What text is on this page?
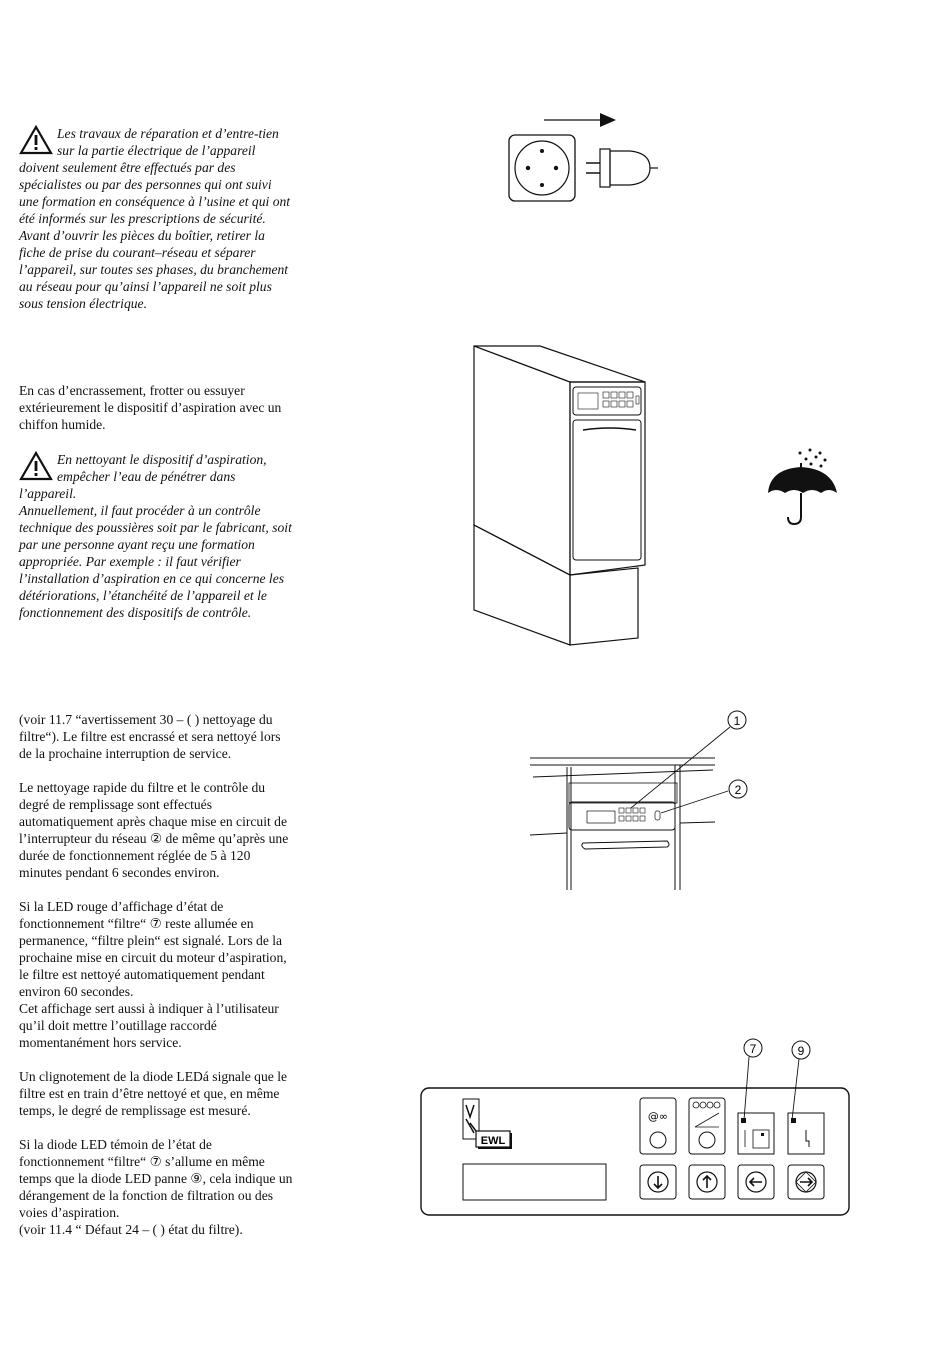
Les travaux de réparation et d’entre-tien sur la partie électrique de l’appareil doivent seulement être effectués par des spécialistes ou par des personnes qui ont suivi une formation en conséquence à l’usine et qui ont été informés sur les prescriptions de sécurité. Avant d’ouvrir les pièces du boîtier, retirer la fiche de prise du courant–réseau et séparer l’appareil, sur toutes ses phases, du branchement au réseau pour qu’ainsi l’appareil ne soit plus sous tension électrique.
En cas d’encrassement, frotter ou essuyer extérieurement le dispositif d’aspiration avec un chiffon humide.
En nettoyant le dispositif d’aspiration, empêcher l’eau de pénétrer dans l’appareil.

Annuellement, il faut procéder à un contrôle technique des poussières soit par le fabricant, soit par une personne ayant reçu une formation appropriée. Par exemple : il faut vérifier l’installation d’aspiration en ce qui concerne les détériorations, l’étanchéité de l’appareil et le fonctionnement des dispositifs de contrôle.

(voir 11.7 “avertissement 30 – ( ) nettoyage du filtre“). Le filtre est encrassé et sera nettoyé lors de la prochaine interruption de service.

Le nettoyage rapide du filtre et le contrôle du degré de remplissage sont effectués automatiquement après chaque mise en circuit de l’interrupteur du réseau ② de même qu’après une durée de fonctionnement réglée de 5 à 120 minutes pendant 6 secondes environ.

Si la LED rouge d’affichage d’état de fonctionnement “filtre“ ⑦ reste allumée en permanence, “filtre plein“ est signalé. Lors de la prochaine mise en circuit du moteur d’aspiration, le filtre est nettoyé automatiquement pendant environ 60 secondes.

Cet affichage sert aussi à indiquer à l’utilisateur qu’il doit mettre l’outillage raccordé momentanément hors service.

Un clignotement de la diode LEDá signale que le filtre est en train d’être nettoyé et que, en même temps, le degré de remplissage est mesuré.

Si la diode LED témoin de l’état de fonctionnement “filtre“ ⑦ s’allume en même temps que la diode LED panne ⑨, cela indique un dérangement de la fonction de filtration ou des voies d’aspiration.

(voir 11.4 “ Défaut 24 – ( ) état du filtre).

1
2
7	9
EWL
@∞
